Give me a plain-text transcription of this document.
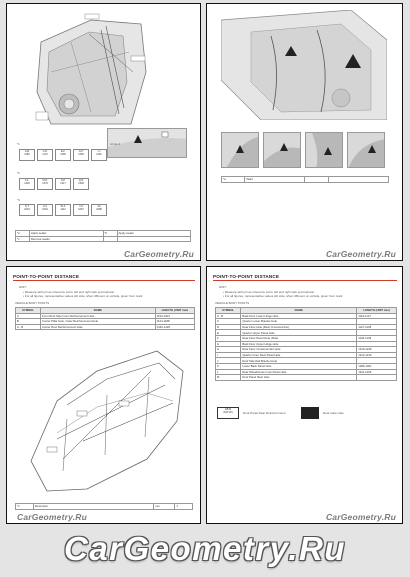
Arrow 1
*1
A-B
1183
C-D
1176
E-F
1265
G-H
1259
I-J
1140
*2
K-L
1420
M-N
1379
O-P
1317
Q-R
1328
*3
S-T
1043
U-V
1019
W-X
1112
Y-Z
1067
AA
1088
*a	Apply sealer	*b	Apply sealer
*c	Remove sealer		
CarGeometry.Ru
*a	Weld		
CarGeometry.Ru
POINT-TO-POINT DISTANCE
HINT:
• Measure with pin as reference point, left and right side symmetrical.
• For all figures, representative values left side; when different on vehicle, given from mark
VEHICLE BODY POINTS
SYMBOL	NAME	LENGTH (UNIT mm)
A	Front Roof Side Inner Reinforcement Hole	1193-1203
B	Center Pillar Hole, Outer Reinforcement Hole	1124-1188
A - B	Center Roof Reinforcement Hole	1340-1426
*1	Dimension	mm	1
CarGeometry.Ru
POINT-TO-POINT DISTANCE
HINT:
• Measure with pin as reference point, left and right side symmetrical.
• For all figures, representative values left side; when different on vehicle, given from mark
VEHICLE BODY POINTS
SYMBOL	NAME	LENGTH (UNIT mm)
A - B	Back Door Lower Hinge Hole	1119-1127
C	Quarter Lower Bracket Hole	
D	Rear Floor Hole (Rear Crossmember)	1127-1138
E	Quarter Upper Panel Hole	
F	Rear Floor Panel Hole (Side)	1134-1149
G	Back Door Upper Hinge Hole	
H	Rear Floor Crossmember Hole	1219-1230
I	Quarter Inner Rear Panel Hole	1213-1219
J	Roof Side Rail Bracket Hole	
K	Lower Back Panel Hole	1288-1301
L	Rear Wheelhouse Inner Panel Hole	1311-1329
M	Roof Panel Rear Hole	
EB-B
(DW 20)	Roof Panel Rear Reinforcement	Rear Gate Hole
CarGeometry.Ru
CarGeometry.Ru
